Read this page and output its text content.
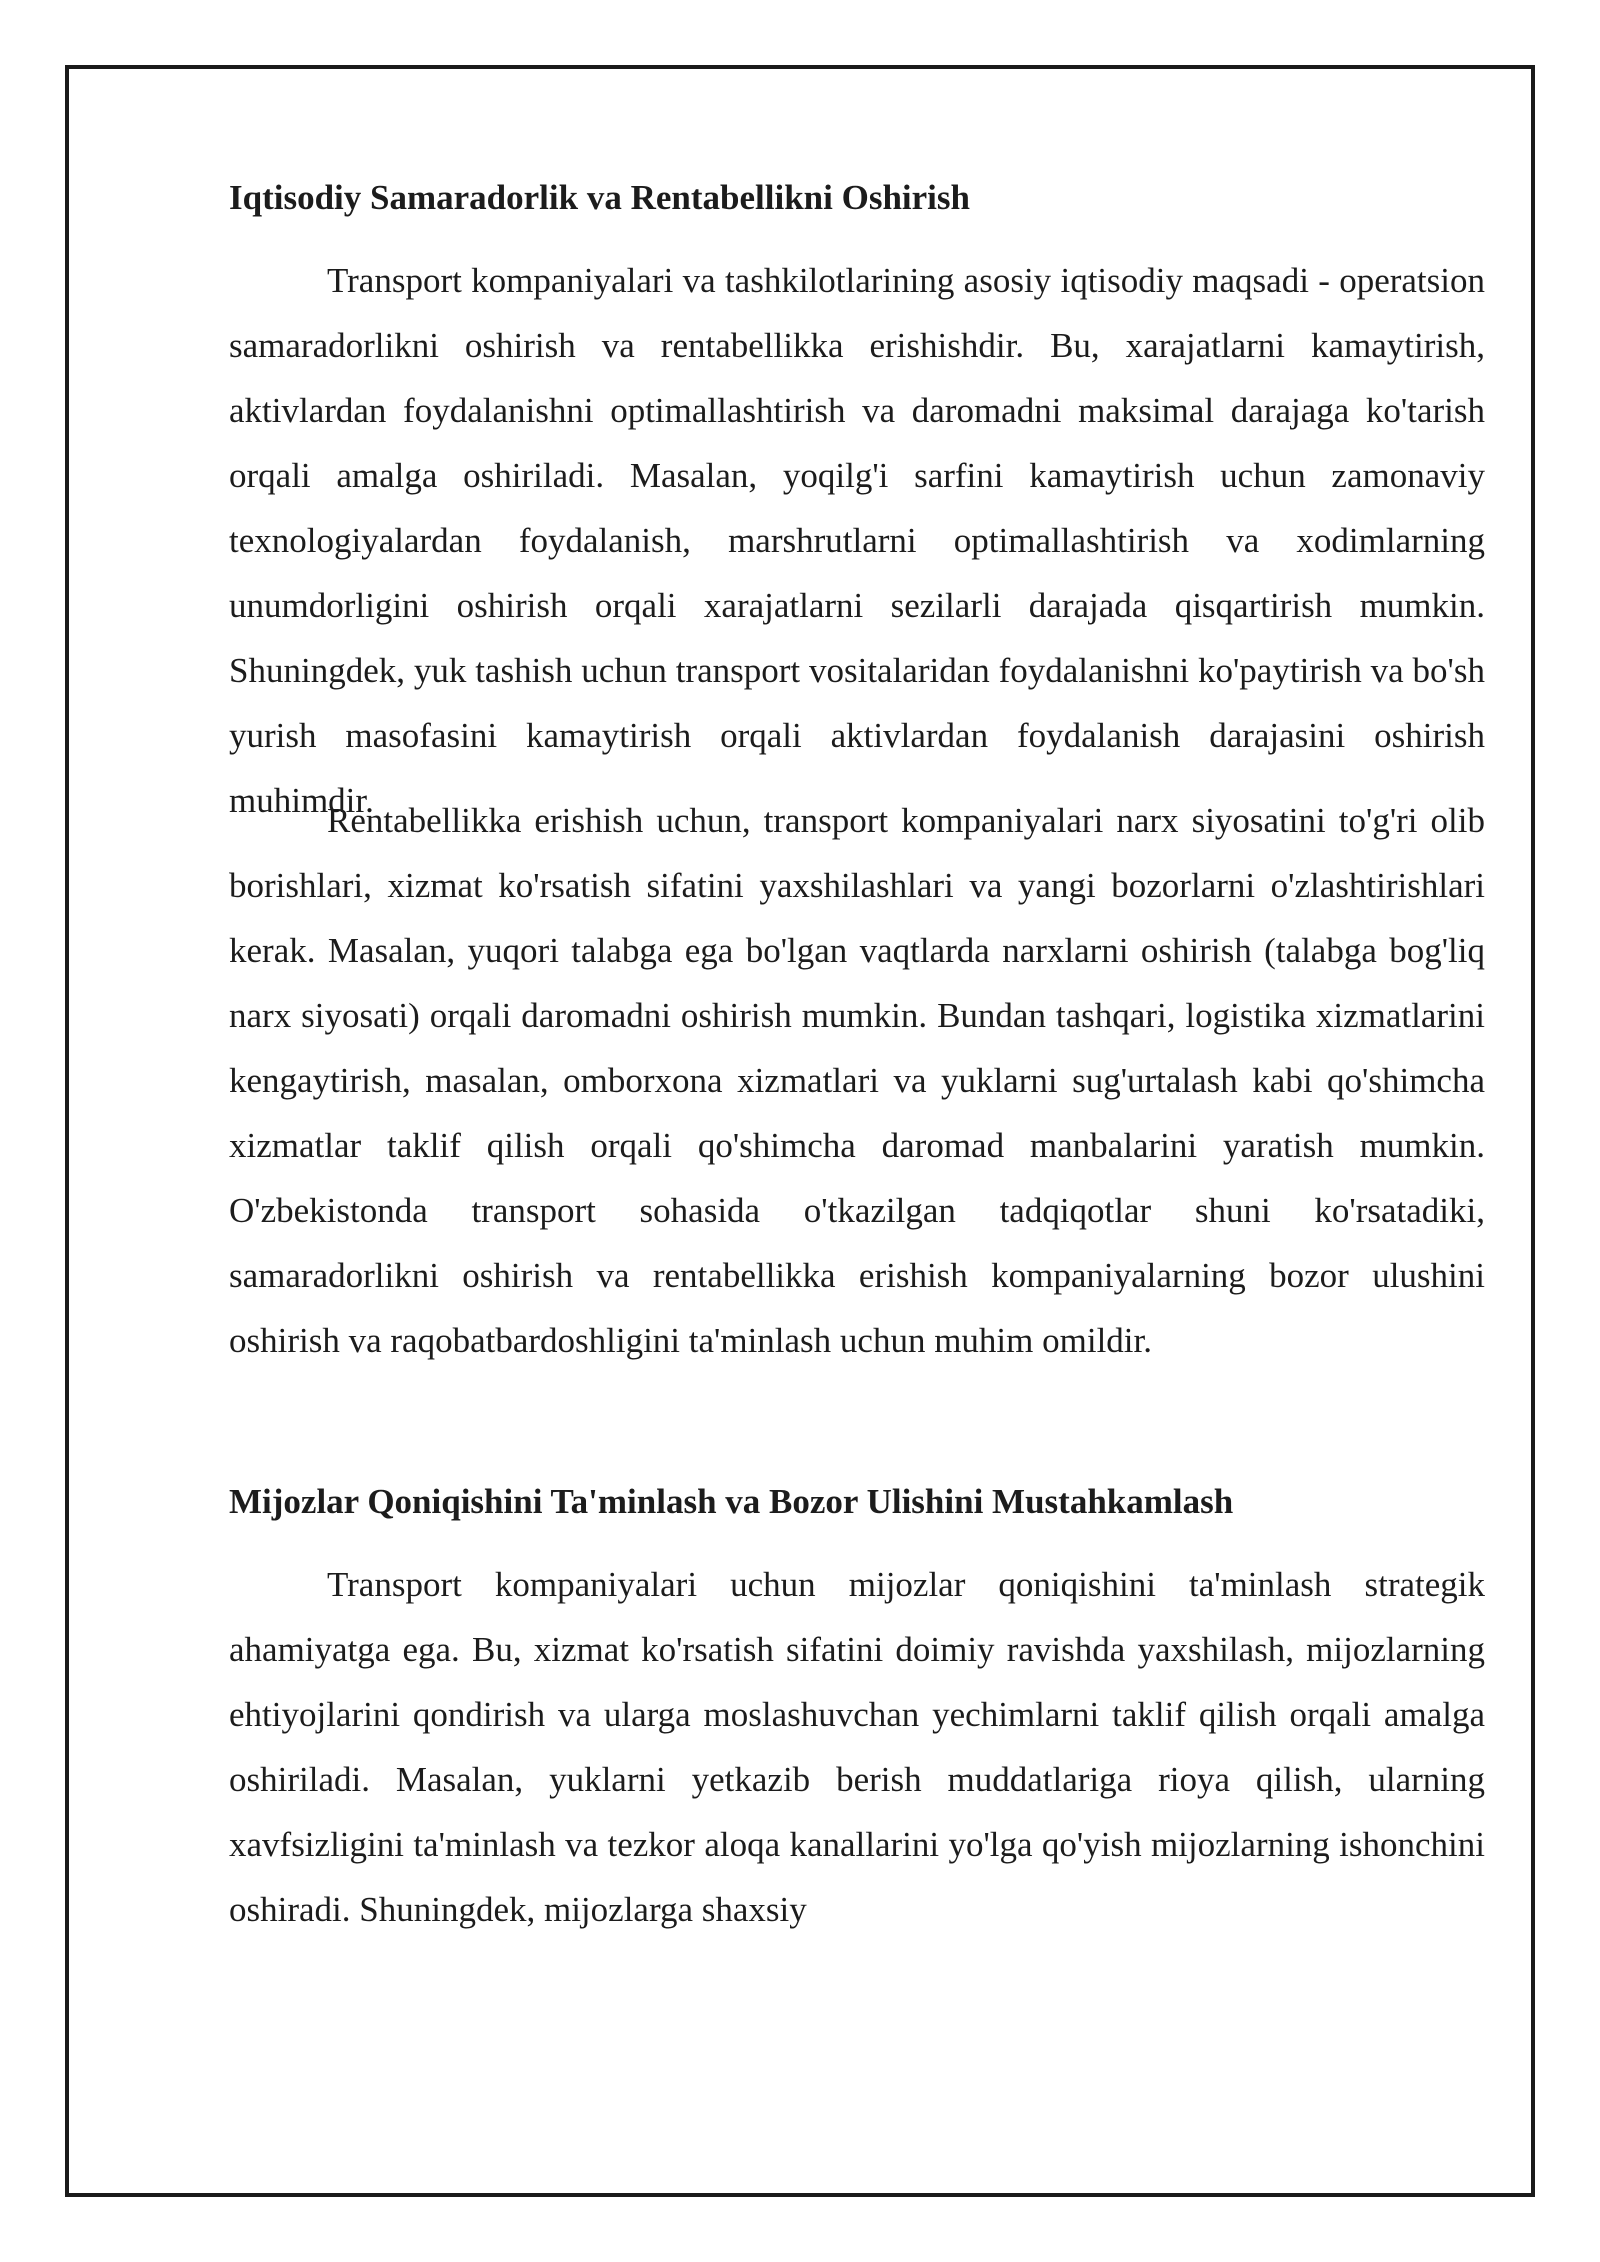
Iqtisodiy Samaradorlik va Rentabellikni Oshirish

Transport kompaniyalari va tashkilotlarining asosiy iqtisodiy maqsadi - operatsion samaradorlikni oshirish va rentabellikka erishishdir. Bu, xarajatlarni kamaytirish, aktivlardan foydalanishni optimallashtirish va daromadni maksimal darajaga ko'tarish orqali amalga oshiriladi. Masalan, yoqilg'i sarfini kamaytirish uchun zamonaviy texnologiyalardan foydalanish, marshrutlarni optimallashtirish va xodimlarning unumdorligini oshirish orqali xarajatlarni sezilarli darajada qisqartirish mumkin. Shuningdek, yuk tashish uchun transport vositalaridan foydalanishni ko'paytirish va bo'sh yurish masofasini kamaytirish orqali aktivlardan foydalanish darajasini oshirish muhimdir.

Rentabellikka erishish uchun, transport kompaniyalari narx siyosatini to'g'ri olib borishlari, xizmat ko'rsatish sifatini yaxshilashlari va yangi bozorlarni o'zlashtirishlari kerak. Masalan, yuqori talabga ega bo'lgan vaqtlarda narxlarni oshirish (talabga bog'liq narx siyosati) orqali daromadni oshirish mumkin. Bundan tashqari, logistika xizmatlarini kengaytirish, masalan, omborxona xizmatlari va yuklarni sug'urtalash kabi qo'shimcha xizmatlar taklif qilish orqali qo'shimcha daromad manbalarini yaratish mumkin. O'zbekistonda transport sohasida o'tkazilgan tadqiqotlar shuni ko'rsatadiki, samaradorlikni oshirish va rentabellikka erishish kompaniyalarning bozor ulushini oshirish va raqobatbardoshligini ta'minlash uchun muhim omildir.

Mijozlar Qoniqishini Ta'minlash va Bozor Ulishini Mustahkamlash

Transport kompaniyalari uchun mijozlar qoniqishini ta'minlash strategik ahamiyatga ega. Bu, xizmat ko'rsatish sifatini doimiy ravishda yaxshilash, mijozlarning ehtiyojlarini qondirish va ularga moslashuvchan yechimlarni taklif qilish orqali amalga oshiriladi. Masalan, yuklarni yetkazib berish muddatlariga rioya qilish, ularning xavfsizligini ta'minlash va tezkor aloqa kanallarini yo'lga qo'yish mijozlarning ishonchini oshiradi. Shuningdek, mijozlarga shaxsiy
